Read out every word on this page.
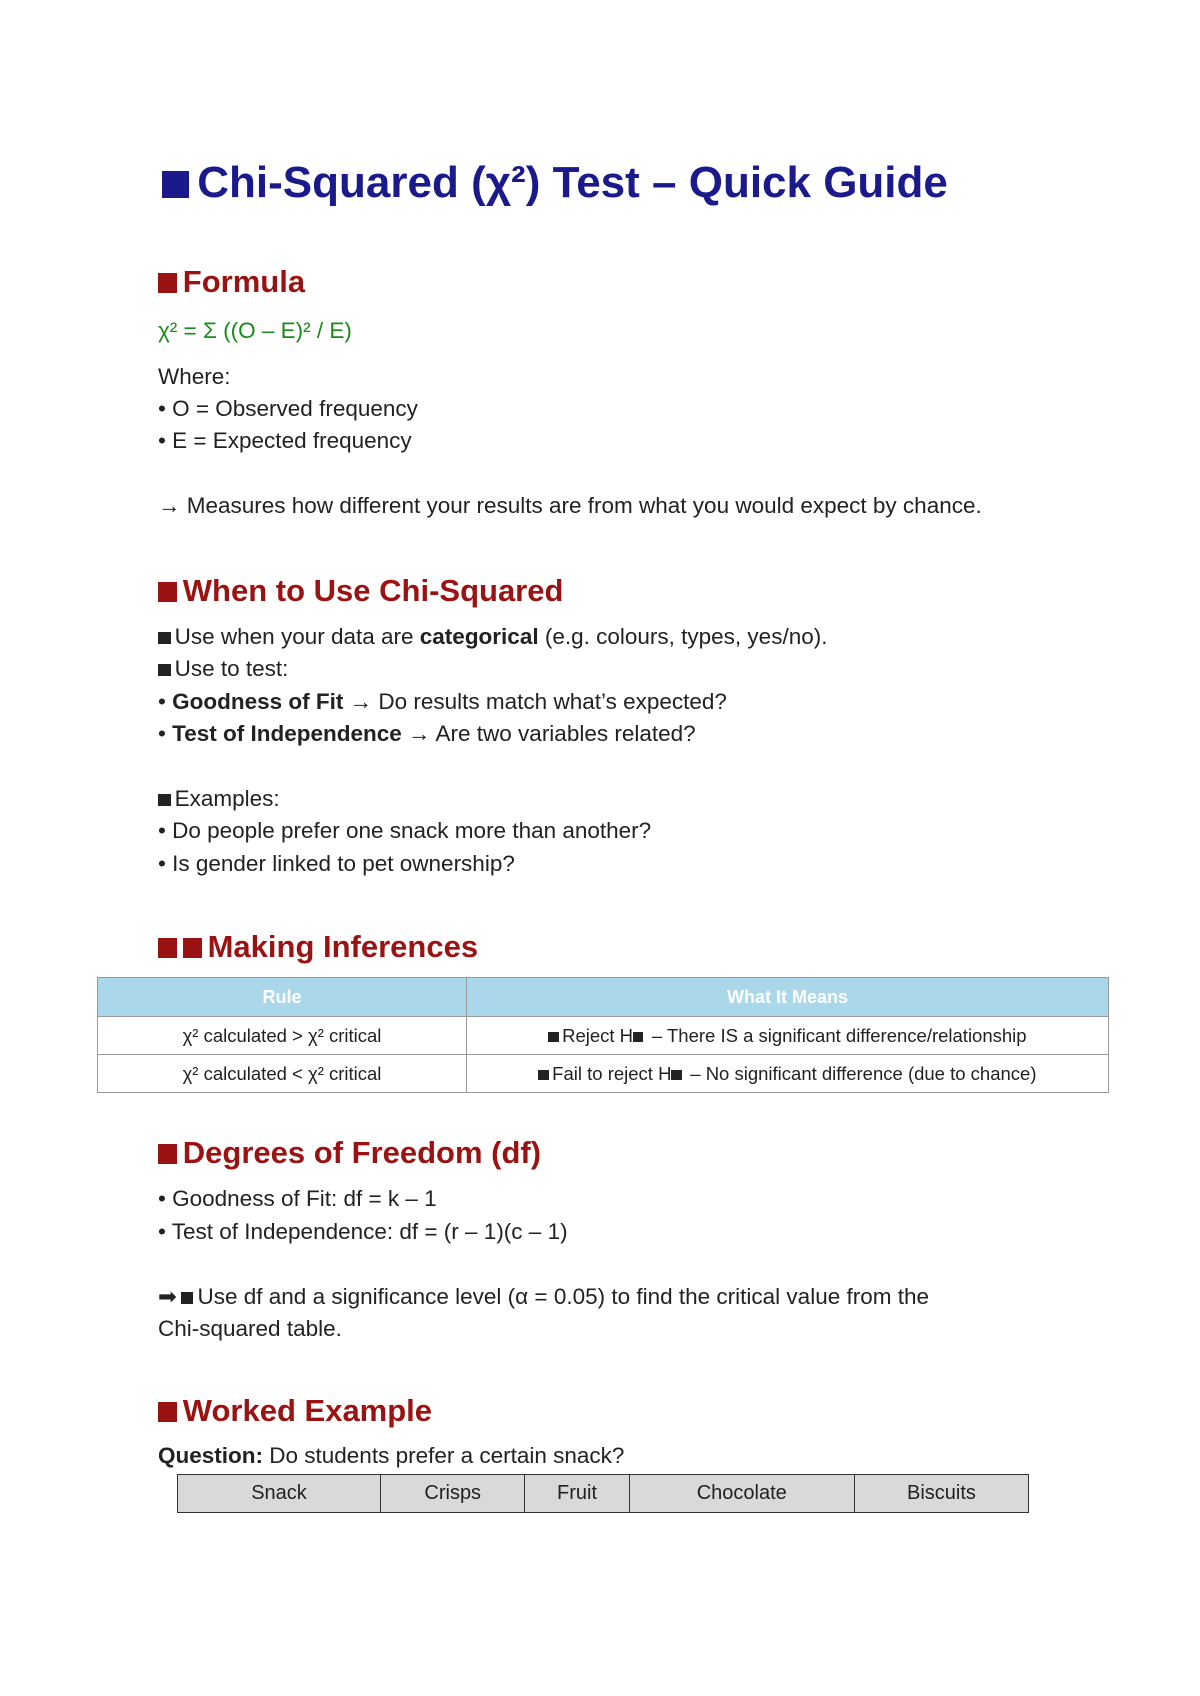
Chi-Squared (χ²) Test – Quick Guide
Formula

χ² = Σ ((O – E)² / E)

Where:

• O = Observed frequency

• E = Expected frequency

→ Measures how different your results are from what you would expect by chance.

When to Use Chi-Squared

Use when your data are categorical (e.g. colours, types, yes/no).

Use to test:

• Goodness of Fit → Do results match what’s expected?

• Test of Independence → Are two variables related?

Examples:

• Do people prefer one snack more than another?

• Is gender linked to pet ownership?

Making Inferences
Rule	What It Means
χ² calculated > χ² critical	Reject H – There IS a significant difference/relationship
χ² calculated < χ² critical	Fail to reject H – No significant difference (due to chance)
Degrees of Freedom (df)

• Goodness of Fit: df = k – 1

• Test of Independence: df = (r – 1)(c – 1)

➡ Use df and a significance level (α = 0.05) to find the critical value from the

Chi-squared table.

Worked Example

Question: Do students prefer a certain snack?

Snack	Crisps	Fruit	Chocolate	Biscuits
